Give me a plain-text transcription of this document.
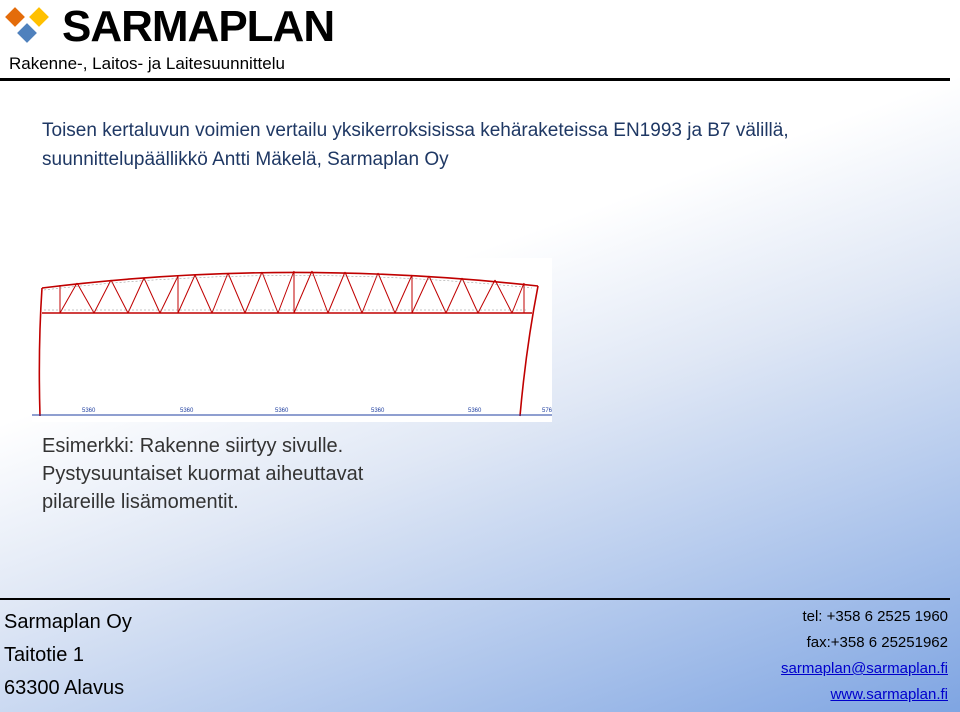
SARMAPLAN
Rakenne-, Laitos- ja Laitesuunnittelu
Toisen kertaluvun voimien vertailu yksikerroksisissa kehäraketeissa EN1993 ja B7 välillä,
suunnittelupäällikkö Antti Mäkelä, Sarmaplan Oy
5360	5360	5360	5360	5360	576
Esimerkki: Rakenne siirtyy sivulle.
Pystysuuntaiset kuormat aiheuttavat
pilareille lisämomentit.
Sarmaplan Oy
Taitotie 1
63300 Alavus
tel: +358 6 2525 1960
fax:+358 6 25251962
sarmaplan@sarmaplan.fi
www.sarmaplan.fi
